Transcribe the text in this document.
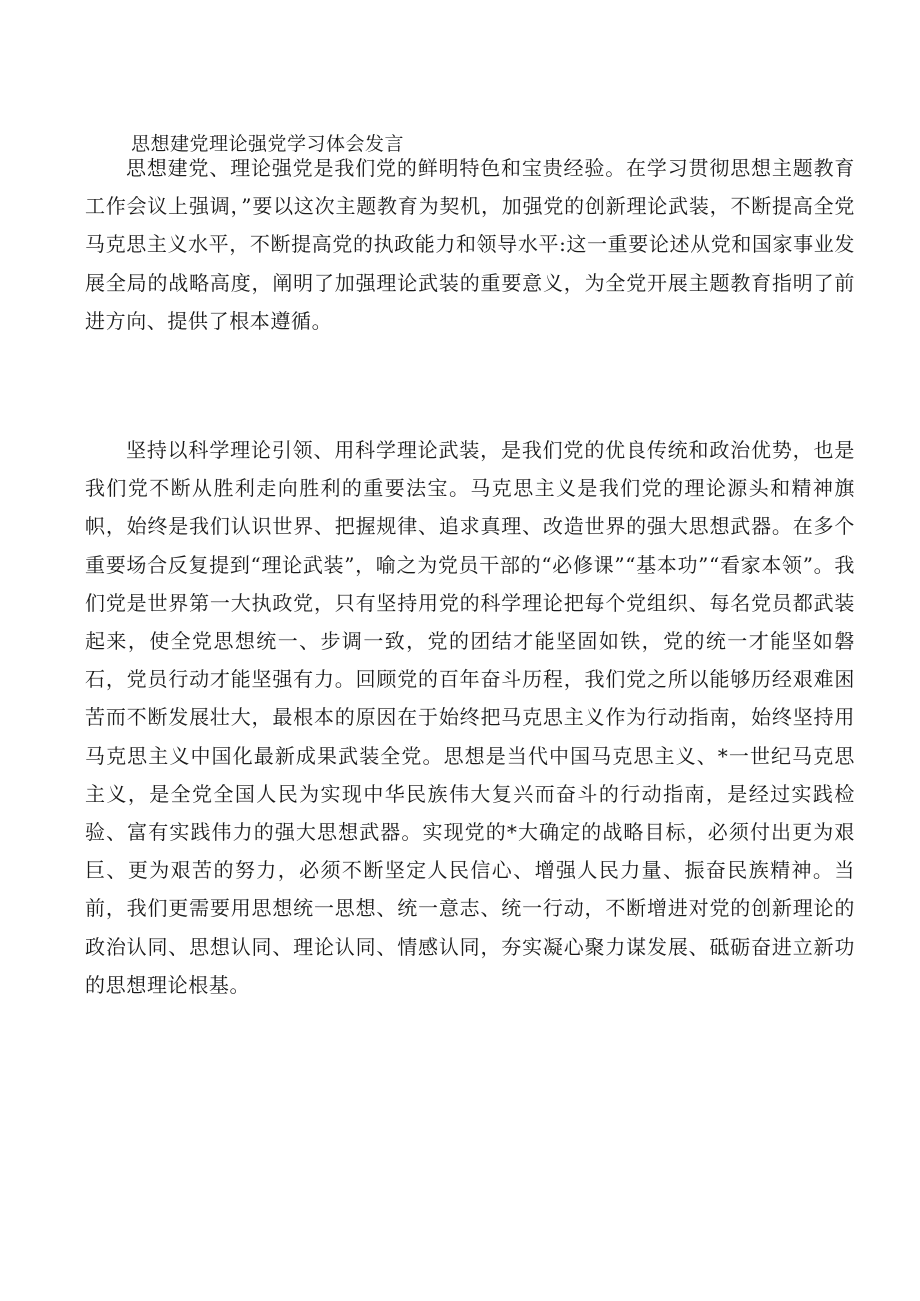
思想建党理论强党学习体会发言

思想建党、理论强党是我们党的鲜明特色和宝贵经验。在学习贯彻思想主题教育工作会议上强调，”要以这次主题教育为契机，加强党的创新理论武装，不断提高全党马克思主义水平，不断提高党的执政能力和领导水平:这一重要论述从党和国家事业发展全局的战略高度，阐明了加强理论武装的重要意义，为全党开展主题教育指明了前进方向、提供了根本遵循。

坚持以科学理论引领、用科学理论武装，是我们党的优良传统和政治优势，也是我们党不断从胜利走向胜利的重要法宝。马克思主义是我们党的理论源头和精神旗帜，始终是我们认识世界、把握规律、追求真理、改造世界的强大思想武器。在多个重要场合反复提到“理论武装”，喻之为党员干部的“必修课”“基本功”“看家本领”。我们党是世界第一大执政党，只有坚持用党的科学理论把每个党组织、每名党员都武装起来，使全党思想统一、步调一致，党的团结才能坚固如铁，党的统一才能坚如磐石，党员行动才能坚强有力。回顾党的百年奋斗历程，我们党之所以能够历经艰难困苦而不断发展壮大，最根本的原因在于始终把马克思主义作为行动指南，始终坚持用马克思主义中国化最新成果武装全党。思想是当代中国马克思主义、*一世纪马克思主义，是全党全国人民为实现中华民族伟大复兴而奋斗的行动指南，是经过实践检验、富有实践伟力的强大思想武器。实现党的*大确定的战略目标，必须付出更为艰巨、更为艰苦的努力，必须不断坚定人民信心、增强人民力量、振奋民族精神。当前，我们更需要用思想统一思想、统一意志、统一行动，不断增进对党的创新理论的政治认同、思想认同、理论认同、情感认同，夯实凝心聚力谋发展、砥砺奋进立新功的思想理论根基。
